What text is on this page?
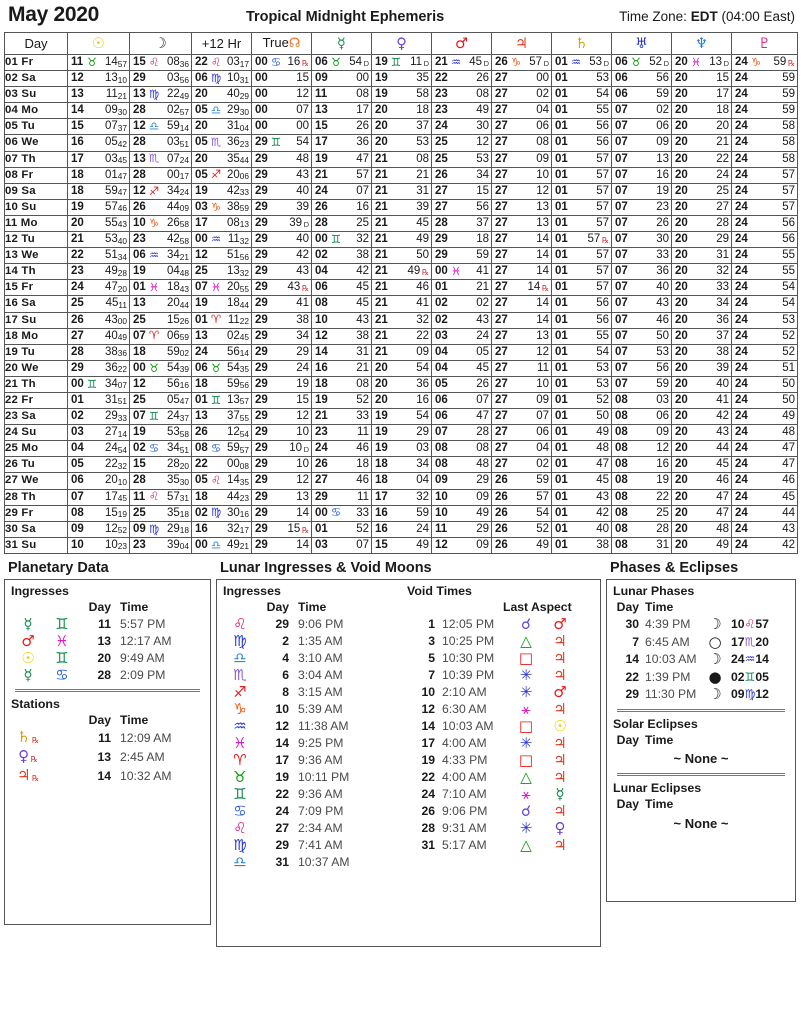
May 2020	Tropical Midnight Ephemeris	Time Zone: EDT (04:00 East)
Day	☉	☽	+12 Hr	True☊	☿	♀	♂	♃	♄	♅	♆	♇
01 Fr	11 ♉ 1457	15 ♌ 0836	22 ♌ 0317	00 ♋ 16 ℞	06 ♉ 54 D	19 ♊ 11 D	21 ♒ 45 D	26 ♑ 57 D	01 ♒ 53 D	06 ♉ 52 D	20 ♓ 13 D	24 ♑ 59 ℞

02 Sa	12 1310	29 0356	06 ♍ 1031	00 15	09 00	19 35	22 26	27 00	01 53	06 56	20 15	24 59

03 Su	13 1121	13 ♍ 2249	20 4029	00 12	11 08	19 58	23 08	27 02	01 54	06 59	20 17	24 59

04 Mo	14 0930	28 0257	05 ♎ 2930	00 07	13 17	20 18	23 49	27 04	01 55	07 02	20 18	24 59

05 Tu	15 0737	12 ♎ 5914	20 3104	00 00	15 26	20 37	24 30	27 06	01 56	07 06	20 20	24 58

06 We	16 0542	28 0351	05 ♏ 3623	29 ♊ 54	17 36	20 53	25 12	27 08	01 56	07 09	20 21	24 58

07 Th	17 0345	13 ♏ 0724	20 3544	29 48	19 47	21 08	25 53	27 09	01 57	07 13	20 22	24 58

08 Fr	18 0147	28 0017	05 ♐ 2006	29 43	21 57	21 21	26 34	27 10	01 57	07 16	20 24	24 57

09 Sa	18 5947	12 ♐ 3424	19 4233	29 40	24 07	21 31	27 15	27 12	01 57	07 19	20 25	24 57

10 Su	19 5746	26 4409	03 ♑ 3859	29 39	26 16	21 39	27 56	27 13	01 57	07 23	20 27	24 57

11 Mo	20 5543	10 ♑ 2658	17 0813	29 39 D	28 25	21 45	28 37	27 13	01 57	07 26	20 28	24 56

12 Tu	21 5340	23 4258	00 ♒ 1132	29 40	00 ♊ 32	21 49	29 18	27 14	01 57 ℞	07 30	20 29	24 56

13 We	22 5134	06 ♒ 3421	12 5156	29 42	02 38	21 50	29 59	27 14	01 57	07 33	20 31	24 55

14 Th	23 4928	19 0448	25 1332	29 43	04 42	21 49 ℞	00 ♓ 41	27 14	01 57	07 36	20 32	24 55

15 Fr	24 4720	01 ♓ 1843	07 ♓ 2055	29 43 ℞	06 45	21 46	01 21	27 14 ℞	01 57	07 40	20 33	24 54

16 Sa	25 4511	13 2044	19 1844	29 41	08 45	21 41	02 02	27 14	01 56	07 43	20 34	24 54

17 Su	26 4300	25 1526	01 ♈ 1122	29 38	10 43	21 32	02 43	27 14	01 56	07 46	20 36	24 53

18 Mo	27 4049	07 ♈ 0659	13 0245	29 34	12 38	21 22	03 24	27 13	01 55	07 50	20 37	24 52

19 Tu	28 3836	18 5902	24 5614	29 29	14 31	21 09	04 05	27 12	01 54	07 53	20 38	24 52

20 We	29 3622	00 ♉ 5439	06 ♉ 5435	29 24	16 21	20 54	04 45	27 11	01 53	07 56	20 39	24 51

21 Th	00 ♊ 3407	12 5616	18 5956	29 19	18 08	20 36	05 26	27 10	01 53	07 59	20 40	24 50

22 Fr	01 3151	25 0547	01 ♊ 1357	29 15	19 52	20 16	06 07	27 09	01 52	08 03	20 41	24 50

23 Sa	02 2933	07 ♊ 2437	13 3755	29 12	21 33	19 54	06 47	27 07	01 50	08 06	20 42	24 49

24 Su	03 2714	19 5358	26 1254	29 10	23 11	19 29	07 28	27 06	01 49	08 09	20 43	24 48

25 Mo	04 2454	02 ♋ 3451	08 ♋ 5957	29 10 D	24 46	19 03	08 08	27 04	01 48	08 12	20 44	24 47

26 Tu	05 2232	15 2820	22 0008	29 10	26 18	18 34	08 48	27 02	01 47	08 16	20 45	24 47

27 We	06 2010	28 3530	05 ♌ 1435	29 12	27 46	18 04	09 29	26 59	01 45	08 19	20 46	24 46

28 Th	07 1745	11 ♌ 5731	18 4423	29 13	29 11	17 32	10 09	26 57	01 43	08 22	20 47	24 45

29 Fr	08 1519	25 3518	02 ♍ 3016	29 14	00 ♋ 33	16 59	10 49	26 54	01 42	08 25	20 47	24 44

30 Sa	09 1252	09 ♍ 2918	16 3217	29 15 ℞	01 52	16 24	11 29	26 52	01 40	08 28	20 48	24 43

31 Su	10 1023	23 3904	00 ♎ 4921	29 14	03 07	15 49	12 09	26 49	01 38	08 31	20 49	24 42
Planetary Data
Ingresses
Day Time
☿	♊	11 5:57 PM
♂	♓	13 12:17 AM
☉	♊	20 9:49 AM
☿	♋	28 2:09 PM
Stations
Day Time
♄ ℞	11 12:09 AM
♀ ℞	13 2:45 AM
♃ ℞	14 10:32 AM
Lunar Ingresses & Void Moons
Ingresses
Day Time
♌	29 9:06 PM
♍	2 1:35 AM
♎	4 3:10 AM
♏	6 3:04 AM
♐	8 3:15 AM
♑	10 5:39 AM
♒	12 11:38 AM
♓	14 9:25 PM
♈	17 9:36 AM
♉	19 10:11 PM
♊	22 9:36 AM
♋	24 7:09 PM
♌	27 2:34 AM
♍	29 7:41 AM
♎	31 10:37 AM
Void Times
Last Aspect
1 12:05 PM	☌	♂
3 10:25 PM	△	♃
5 10:30 PM	□	♃
7 10:39 PM	✳	♃
10 2:10 AM	✳	♂
12 6:30 AM	⚹	♃
14 10:03 AM	□	☉
17 4:00 AM	✳	♃
19 4:33 PM	□	♃
22 4:00 AM	△	♃
24 7:10 AM	⚹	☿
26 9:06 PM	☌	♃
28 9:31 AM	✳	♀
31 5:17 AM	△	♃
Phases & Eclipses
Lunar Phases
Day Time
30 4:39 PM	☽ 10♌57
7 6:45 AM	○ 17♏20
14 10:03 AM ☽ 24♒14
22 1:39 PM	● 02♊05
29 11:30 PM ☽ 09♍12
Solar Eclipses
Day Time
~ None ~
Lunar Eclipses
Day Time
~ None ~
